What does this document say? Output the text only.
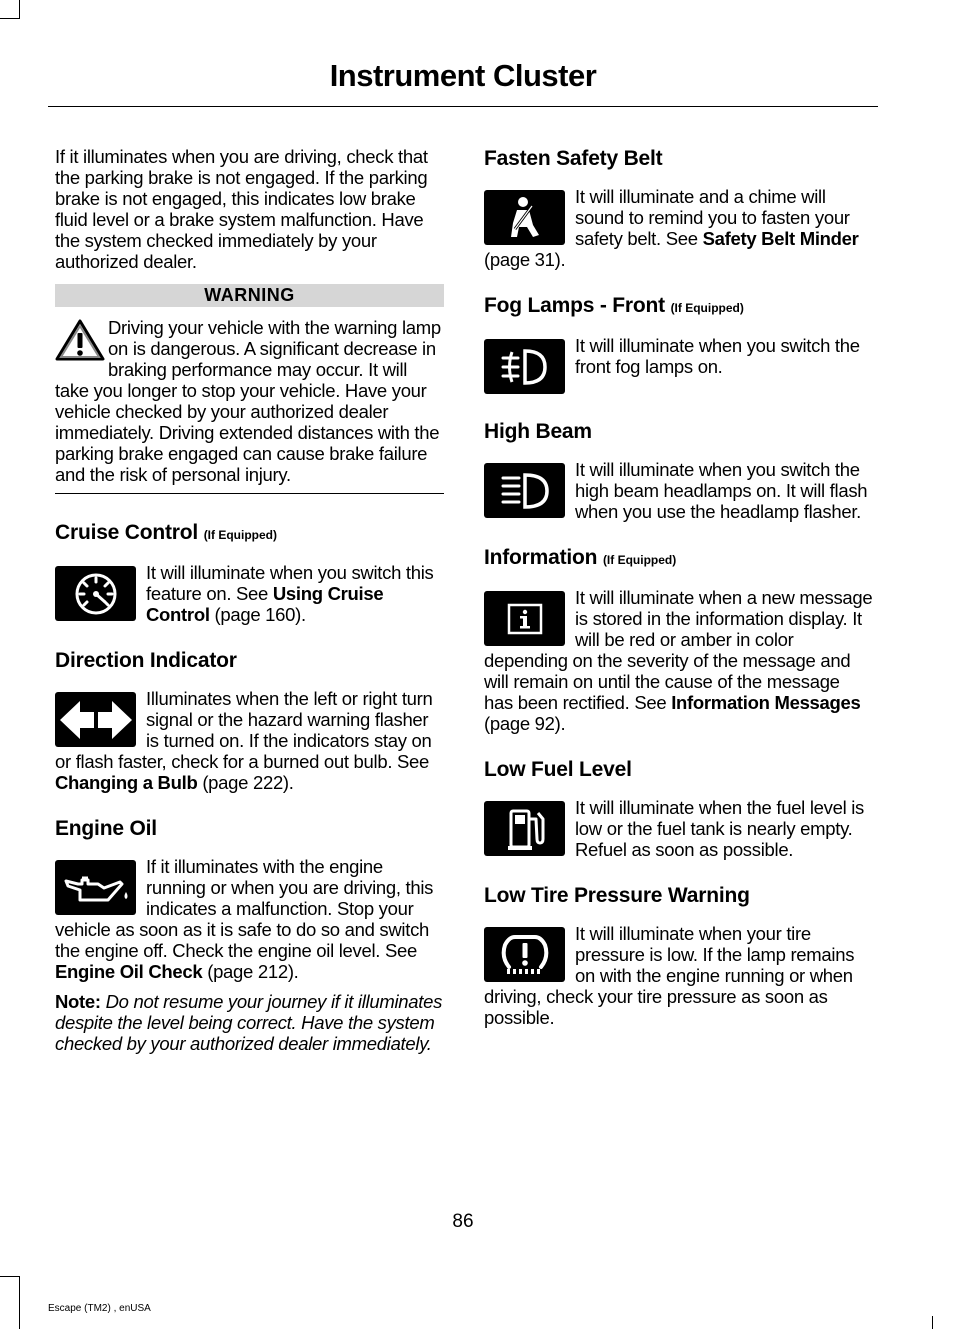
Instrument Cluster

If it illuminates when you are driving, check that the parking brake is not engaged. If the parking brake is not engaged, this indicates low brake fluid level or a brake system malfunction. Have the system checked immediately by your authorized dealer.

WARNING

Driving your vehicle with the warning lamp on is dangerous. A significant decrease in braking performance may occur. It will take you longer to stop your vehicle. Have your vehicle checked by your authorized dealer immediately. Driving extended distances with the parking brake engaged can cause brake failure and the risk of personal injury.

Cruise Control (If Equipped)

It will illuminate when you switch this feature on. See Using Cruise Control (page 160).

Direction Indicator

Illuminates when the left or right turn signal or the hazard warning flasher is turned on. If the indicators stay on or flash faster, check for a burned out bulb. See Changing a Bulb (page 222).

Engine Oil

If it illuminates with the engine running or when you are driving, this indicates a malfunction. Stop your vehicle as soon as it is safe to do so and switch the engine off. Check the engine oil level. See Engine Oil Check (page 212).

Note: Do not resume your journey if it illuminates despite the level being correct. Have the system checked by your authorized dealer immediately.

Fasten Safety Belt

It will illuminate and a chime will sound to remind you to fasten your safety belt. See Safety Belt Minder (page 31).

Fog Lamps - Front (If Equipped)

It will illuminate when you switch the front fog lamps on.

High Beam

It will illuminate when you switch the high beam headlamps on. It will flash when you use the headlamp flasher.

Information (If Equipped)

It will illuminate when a new message is stored in the information display. It will be red or amber in color depending on the severity of the message and will remain on until the cause of the message has been rectified. See Information Messages (page 92).

Low Fuel Level

It will illuminate when the fuel level is low or the fuel tank is nearly empty. Refuel as soon as possible.

Low Tire Pressure Warning

It will illuminate when your tire pressure is low. If the lamp remains on with the engine running or when driving, check your tire pressure as soon as possible.

86
Escape (TM2) , enUSA
